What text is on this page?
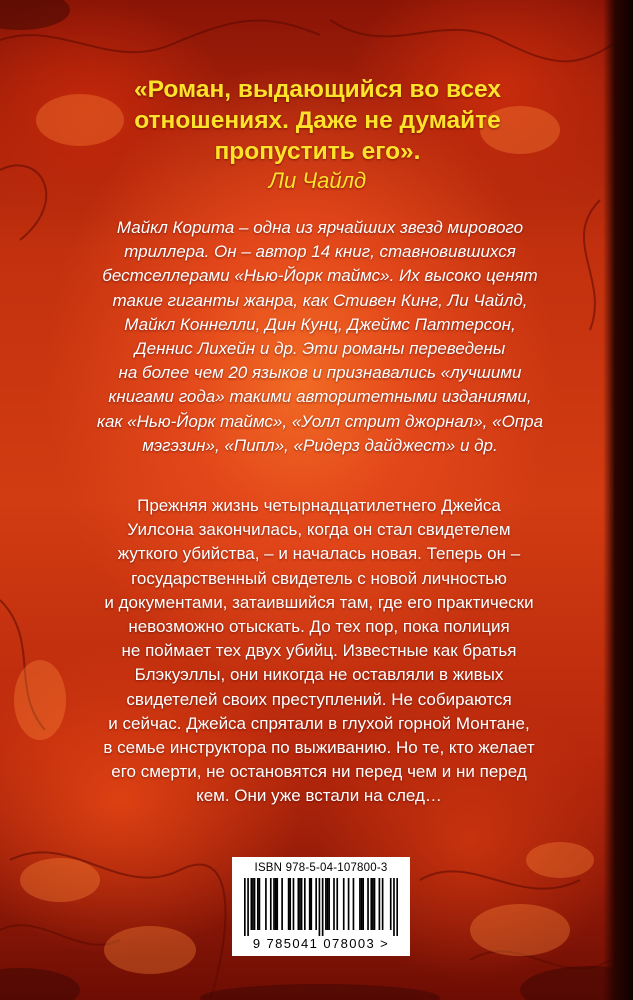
«Роман, выдающийся во всех
отношениях. Даже не думайте
пропустить его».
Ли Чайлд
Майкл Корита – одна из ярчайших звезд мирового
триллера. Он – автор 14 книг, ставновившихся
бестселлерами «Нью-Йорк таймс». Их высоко ценят
такие гиганты жанра, как Стивен Кинг, Ли Чайлд,
Майкл Коннелли, Дин Кунц, Джеймс Паттерсон,
Деннис Лихейн и др. Эти романы переведены
на более чем 20 языков и признавались «лучшими
книгами года» такими авторитетными изданиями,
как «Нью-Йорк таймс», «Уолл стрит джорнал», «Опра
мэгэзин», «Пипл», «Ридерз дайджест» и др.
Прежняя жизнь четырнадцатилетнего Джейса
Уилсона закончилась, когда он стал свидетелем
жуткого убийства, – и началась новая. Теперь он –
государственный свидетель с новой личностью
и документами, затаившийся там, где его практически
невозможно отыскать. До тех пор, пока полиция
не поймает тех двух убийц. Известные как братья
Блэкуэллы, они никогда не оставляли в живых
свидетелей своих преступлений. Не собираются
и сейчас. Джейса спрятали в глухой горной Монтане,
в семье инструктора по выживанию. Но те, кто желает
его смерти, не остановятся ни перед чем и ни перед
кем. Они уже встали на след…
ISBN 978-5-04-107800-3
9 785041 078003 >
